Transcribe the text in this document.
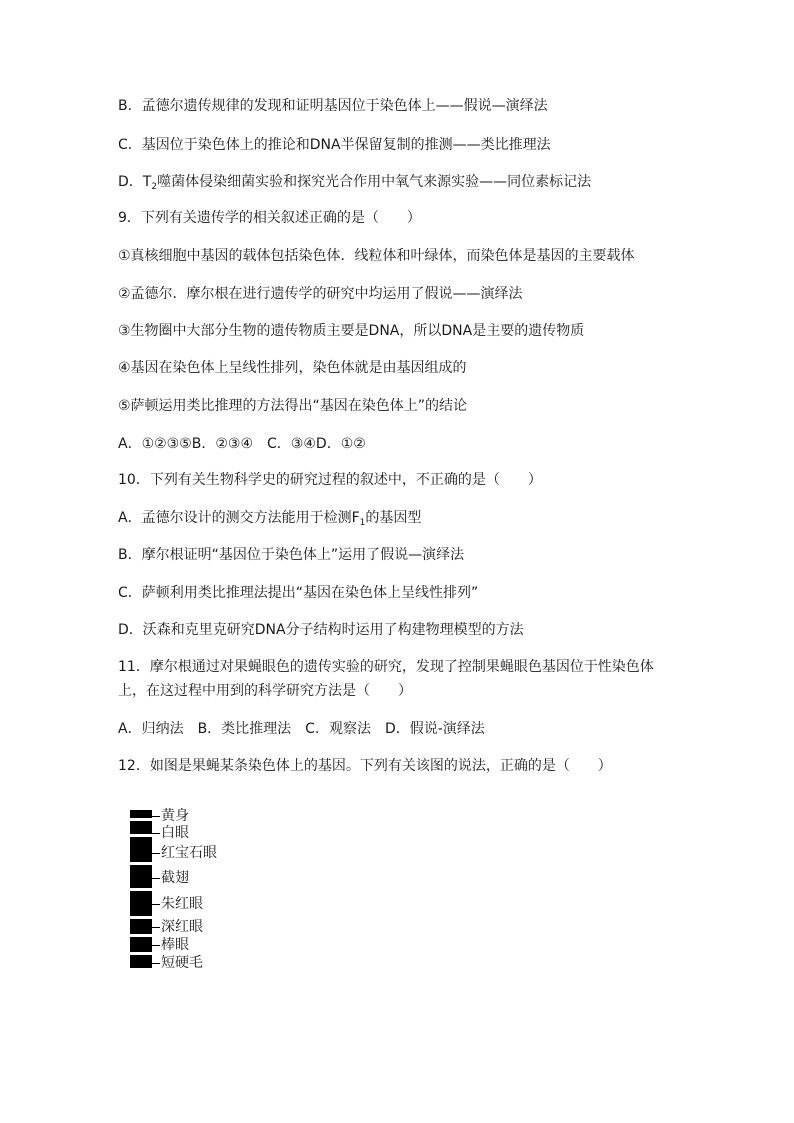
B．孟德尔遗传规律的发现和证明基因位于染色体上——假说—演绎法
C．基因位于染色体上的推论和DNA半保留复制的推测——类比推理法
D．$T_2$噬菌体侵染细菌实验和探究光合作用中氧气来源实验——同位素标记法
9．下列有关遗传学的相关叙述正确的是（　　）
①真核细胞中基因的载体包括染色体．线粒体和叶绿体，而染色体是基因的主要载体
②孟德尔．摩尔根在进行遗传学的研究中均运用了假说——演绎法
③生物圈中大部分生物的遗传物质主要是DNA，所以DNA是主要的遗传物质
④基因在染色体上呈线性排列，染色体就是由基因组成的
⑤萨顿运用类比推理的方法得出“基因在染色体上”的结论
A．①②③⑤B．②③④　C．③④D．①②
10．下列有关生物科学史的研究过程的叙述中，不正确的是（　　）
A．孟德尔设计的测交方法能用于检测$F_1$的基因型
B．摩尔根证明“基因位于染色体上”运用了假说—演绎法
C．萨顿利用类比推理法提出“基因在染色体上呈线性排列”
D．沃森和克里克研究DNA分子结构时运用了构建物理模型的方法
11．摩尔根通过对果蝇眼色的遗传实验的研究，发现了控制果蝇眼色基因位于性染色体
上，在这过程中用到的科学研究方法是（　　）
A．归纳法　B．类比推理法　C．观察法　D．假说-演绎法
12．如图是果蝇某条染色体上的基因。下列有关该图的说法，正确的是（　　）
黄身
白眼
红宝石眼
截翅
朱红眼
深红眼
棒眼
短硬毛
